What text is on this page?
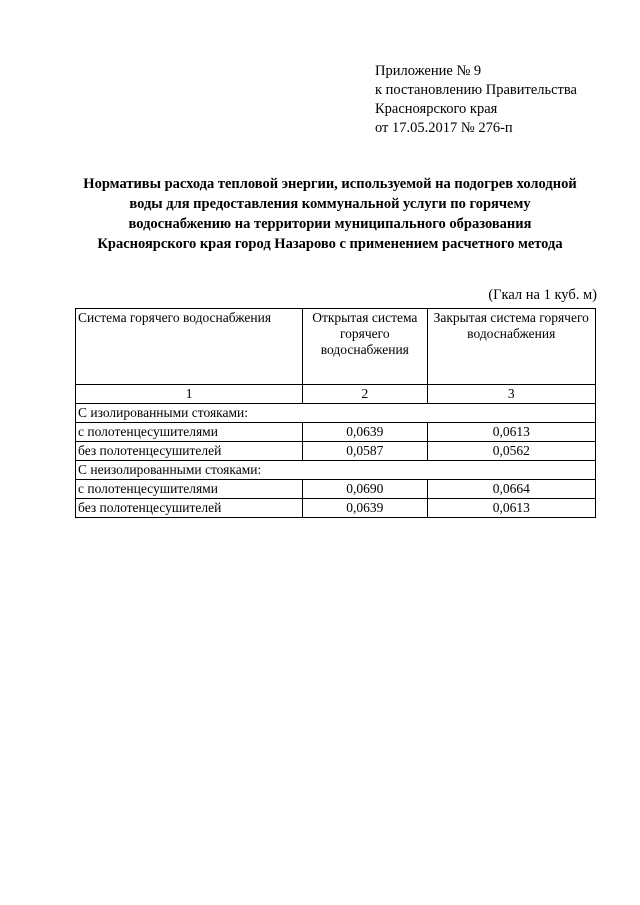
Приложение № 9
к постановлению Правительства
Красноярского края
от 17.05.2017 № 276-п
Нормативы расхода тепловой энергии, используемой на подогрев холодной
воды для предоставления коммунальной услуги по горячему
водоснабжению на территории муниципального образования
Красноярского края город Назарово с применением расчетного метода
(Гкал на 1 куб. м)
Система горячего водоснабжения	Открытая система горячего водоснабжения	Закрытая система горячего водоснабжения
1	2	3
С изолированными стояками:		
с полотенцесушителями	0,0639	0,0613
без полотенцесушителей	0,0587	0,0562
С неизолированными стояками:		
с полотенцесушителями	0,0690	0,0664
без полотенцесушителей	0,0639	0,0613
